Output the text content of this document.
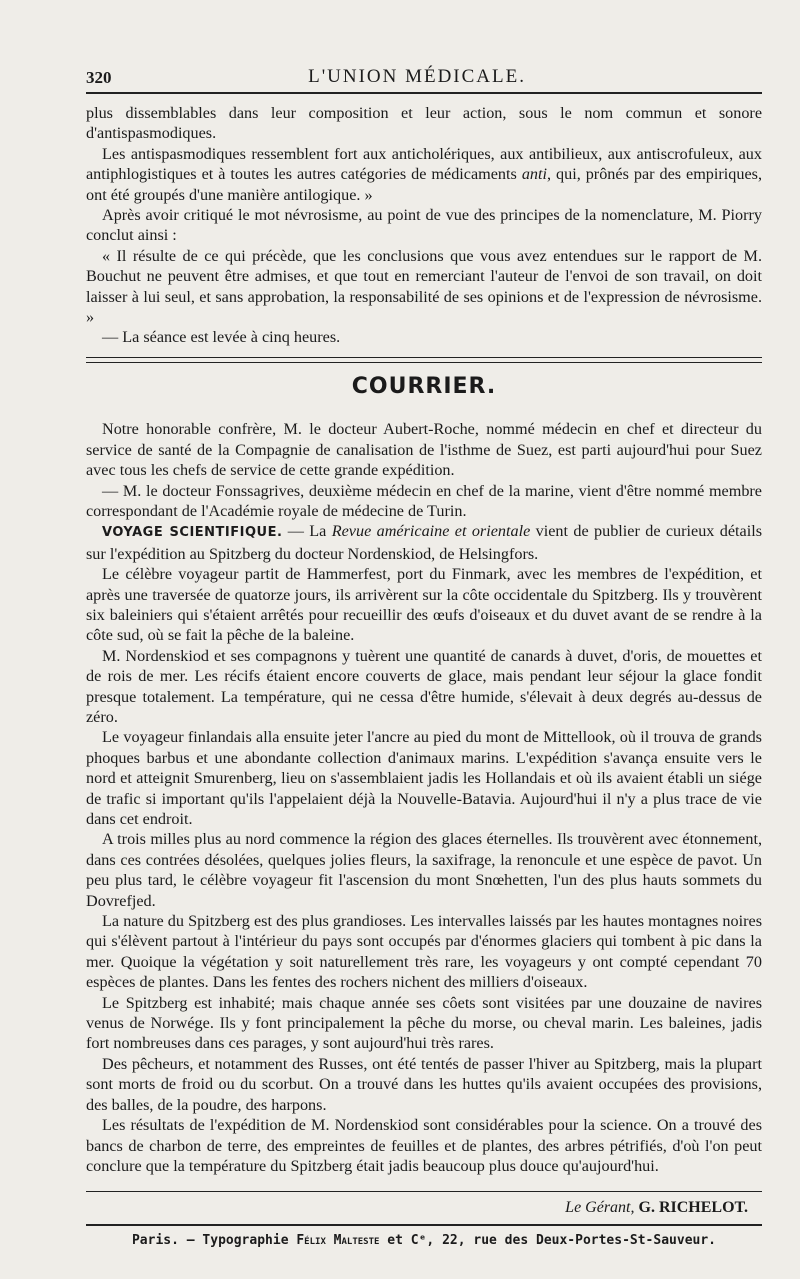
320	L'UNION MÉDICALE.

plus dissemblables dans leur composition et leur action, sous le nom commun et sonore d'antispasmodiques.

Les antispasmodiques ressemblent fort aux anticholériques, aux antibilieux, aux antiscrofuleux, aux antiphlogistiques et à toutes les autres catégories de médicaments anti, qui, prônés par des empiriques, ont été groupés d'une manière antilogique. »

Après avoir critiqué le mot névrosisme, au point de vue des principes de la nomenclature, M. Piorry conclut ainsi :

« Il résulte de ce qui précède, que les conclusions que vous avez entendues sur le rapport de M. Bouchut ne peuvent être admises, et que tout en remerciant l'auteur de l'envoi de son travail, on doit laisser à lui seul, et sans approbation, la responsabilité de ses opinions et de l'expression de névrosisme. »

— La séance est levée à cinq heures.

COURRIER.

Notre honorable confrère, M. le docteur Aubert-Roche, nommé médecin en chef et directeur du service de santé de la Compagnie de canalisation de l'isthme de Suez, est parti aujourd'hui pour Suez avec tous les chefs de service de cette grande expédition.

— M. le docteur Fonssagrives, deuxième médecin en chef de la marine, vient d'être nommé membre correspondant de l'Académie royale de médecine de Turin.

VOYAGE SCIENTIFIQUE. — La Revue américaine et orientale vient de publier de curieux détails sur l'expédition au Spitzberg du docteur Nordenskiod, de Helsingfors.

Le célèbre voyageur partit de Hammerfest, port du Finmark, avec les membres de l'expédition, et après une traversée de quatorze jours, ils arrivèrent sur la côte occidentale du Spitzberg. Ils y trouvèrent six baleiniers qui s'étaient arrêtés pour recueillir des œufs d'oiseaux et du duvet avant de se rendre à la côte sud, où se fait la pêche de la baleine.

M. Nordenskiod et ses compagnons y tuèrent une quantité de canards à duvet, d'oris, de mouettes et de rois de mer. Les récifs étaient encore couverts de glace, mais pendant leur séjour la glace fondit presque totalement. La température, qui ne cessa d'être humide, s'élevait à deux degrés au-dessus de zéro.

Le voyageur finlandais alla ensuite jeter l'ancre au pied du mont de Mittellook, où il trouva de grands phoques barbus et une abondante collection d'animaux marins. L'expédition s'avança ensuite vers le nord et atteignit Smurenberg, lieu on s'assemblaient jadis les Hollandais et où ils avaient établi un siége de trafic si important qu'ils l'appelaient déjà la Nouvelle-Batavia. Aujourd'hui il n'y a plus trace de vie dans cet endroit.

A trois milles plus au nord commence la région des glaces éternelles. Ils trouvèrent avec étonnement, dans ces contrées désolées, quelques jolies fleurs, la saxifrage, la renoncule et une espèce de pavot. Un peu plus tard, le célèbre voyageur fit l'ascension du mont Snœhetten, l'un des plus hauts sommets du Dovrefjed.

La nature du Spitzberg est des plus grandioses. Les intervalles laissés par les hautes montagnes noires qui s'élèvent partout à l'intérieur du pays sont occupés par d'énormes glaciers qui tombent à pic dans la mer. Quoique la végétation y soit naturellement très rare, les voyageurs y ont compté cependant 70 espèces de plantes. Dans les fentes des rochers nichent des milliers d'oiseaux.

Le Spitzberg est inhabité; mais chaque année ses côets sont visitées par une douzaine de navires venus de Norwége. Ils y font principalement la pêche du morse, ou cheval marin. Les baleines, jadis fort nombreuses dans ces parages, y sont aujourd'hui très rares.

Des pêcheurs, et notamment des Russes, ont été tentés de passer l'hiver au Spitzberg, mais la plupart sont morts de froid ou du scorbut. On a trouvé dans les huttes qu'ils avaient occupées des provisions, des balles, de la poudre, des harpons.

Les résultats de l'expédition de M. Nordenskiod sont considérables pour la science. On a trouvé des bancs de charbon de terre, des empreintes de feuilles et de plantes, des arbres pétrifiés, d'où l'on peut conclure que la température du Spitzberg était jadis beaucoup plus douce qu'aujourd'hui.

Le Gérant, G. RICHELOT.
Paris. — Typographie Félix Malteste et Cᵉ, 22, rue des Deux-Portes-St-Sauveur.
